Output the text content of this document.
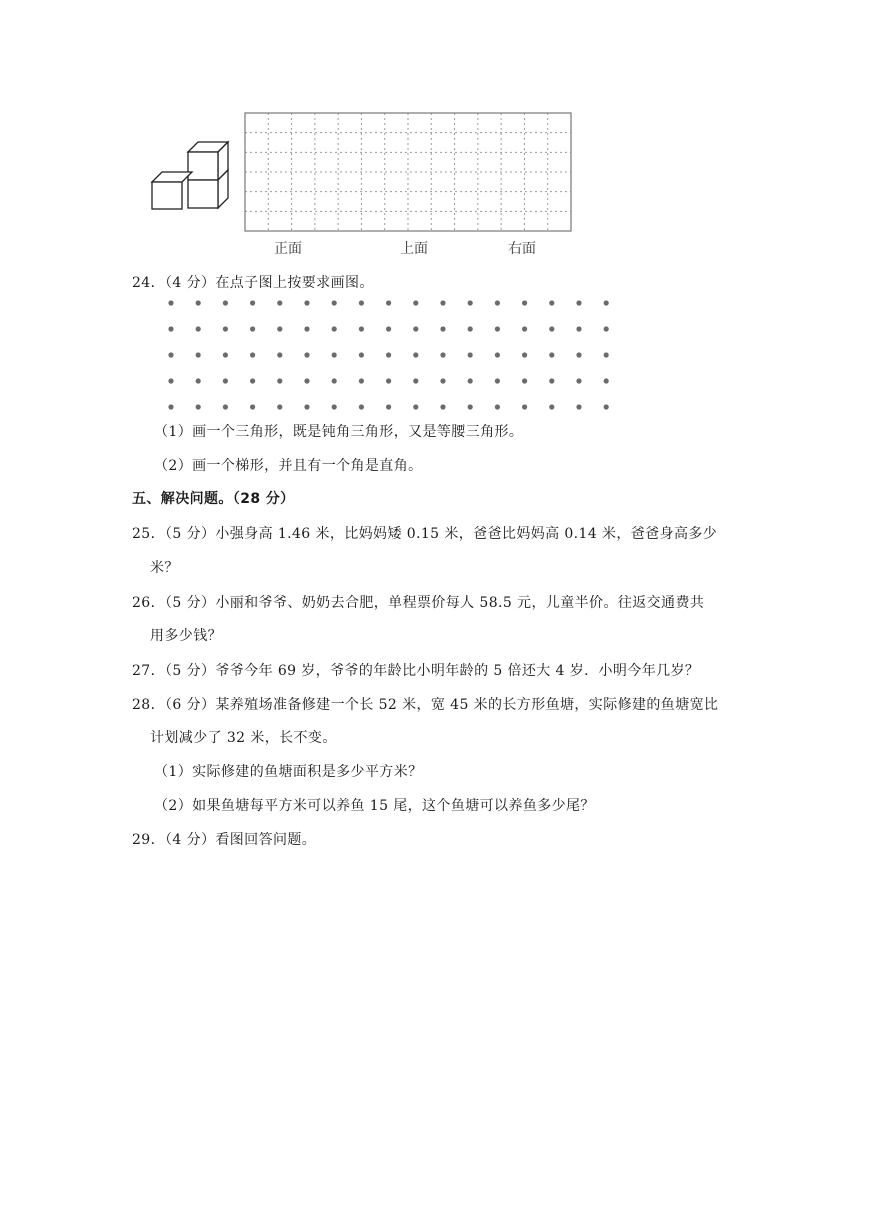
正面	上面	右面
24．（4 分）在点子图上按要求画图。
（1）画一个三角形，既是钝角三角形，又是等腰三角形。
（2）画一个梯形，并且有一个角是直角。
五、解决问题。（28 分）
25．（5 分）小强身高 1.46 米，比妈妈矮 0.15 米，爸爸比妈妈高 0.14 米，爸爸身高多少
米？
26．（5 分）小丽和爷爷、奶奶去合肥，单程票价每人 58.5 元，儿童半价。往返交通费共
用多少钱？
27．（5 分）爷爷今年 69 岁，爷爷的年龄比小明年龄的 5 倍还大 4 岁．小明今年几岁？
28．（6 分）某养殖场准备修建一个长 52 米，宽 45 米的长方形鱼塘，实际修建的鱼塘宽比
计划减少了 32 米，长不变。
（1）实际修建的鱼塘面积是多少平方米？
（2）如果鱼塘每平方米可以养鱼 15 尾，这个鱼塘可以养鱼多少尾？
29．（4 分）看图回答问题。
